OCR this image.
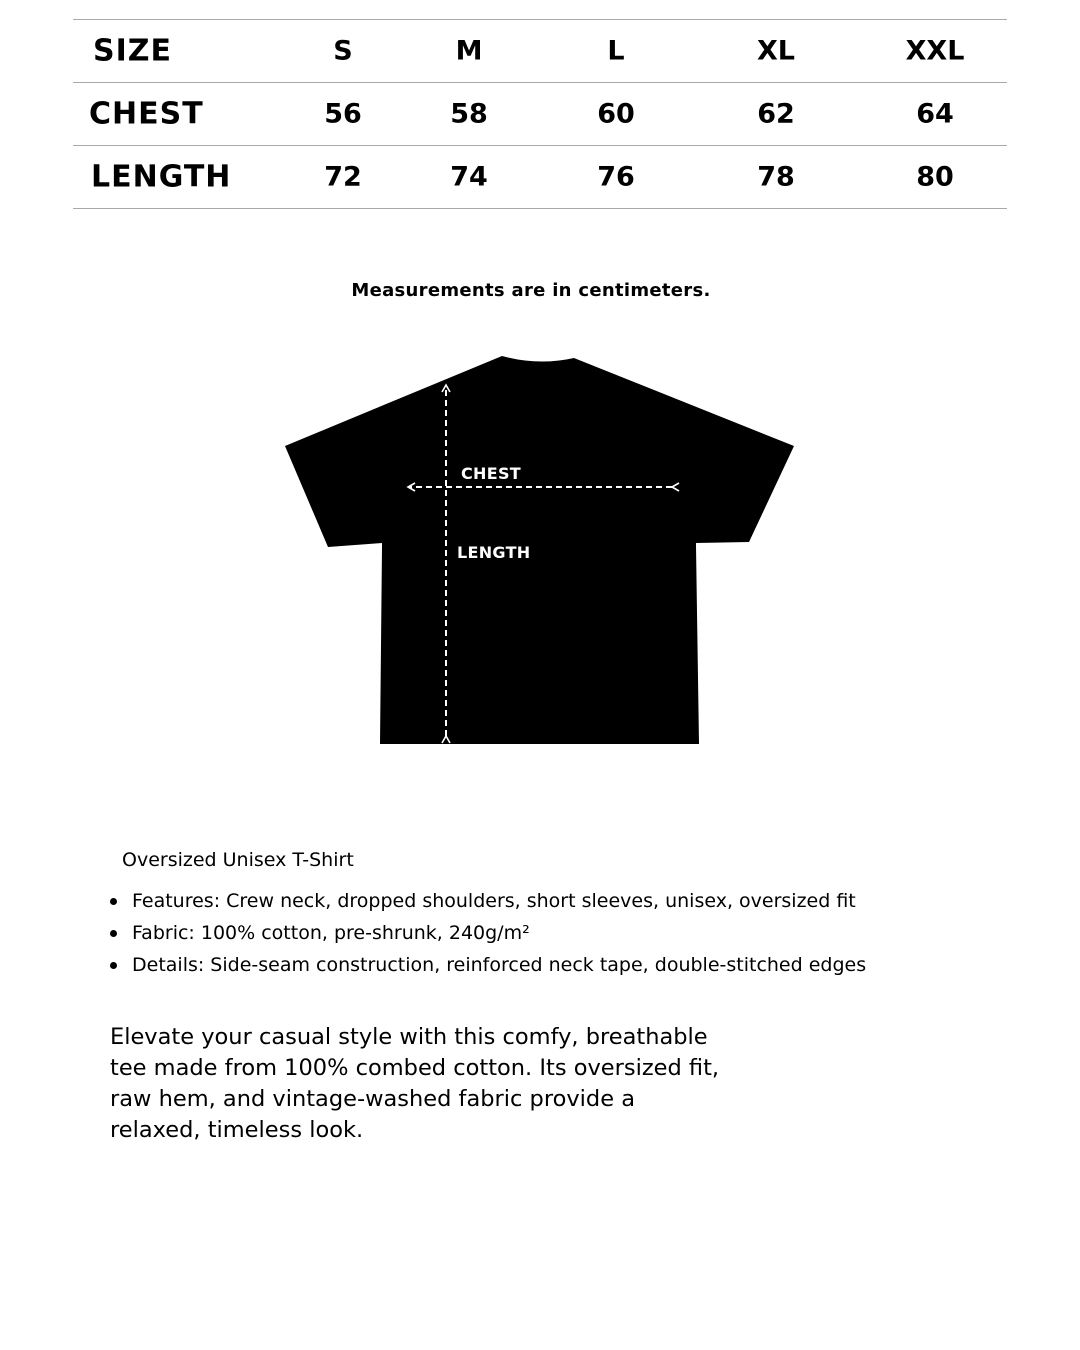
SIZE	S	M	L	XL	XXL
CHEST	56	58	60	62	64
LENGTH	72	74	76	78	80
Measurements are in centimeters.
CHEST
LENGTH
Oversized Unisex T-Shirt
Features: Crew neck, dropped shoulders, short sleeves, unisex, oversized fit
Fabric: 100% cotton, pre-shrunk, 240g/m²
Details: Side-seam construction, reinforced neck tape, double-stitched edges

Elevate your casual style with this comfy, breathable tee made from 100% combed cotton. Its oversized fit, raw hem, and vintage-washed fabric provide a relaxed, timeless look.
